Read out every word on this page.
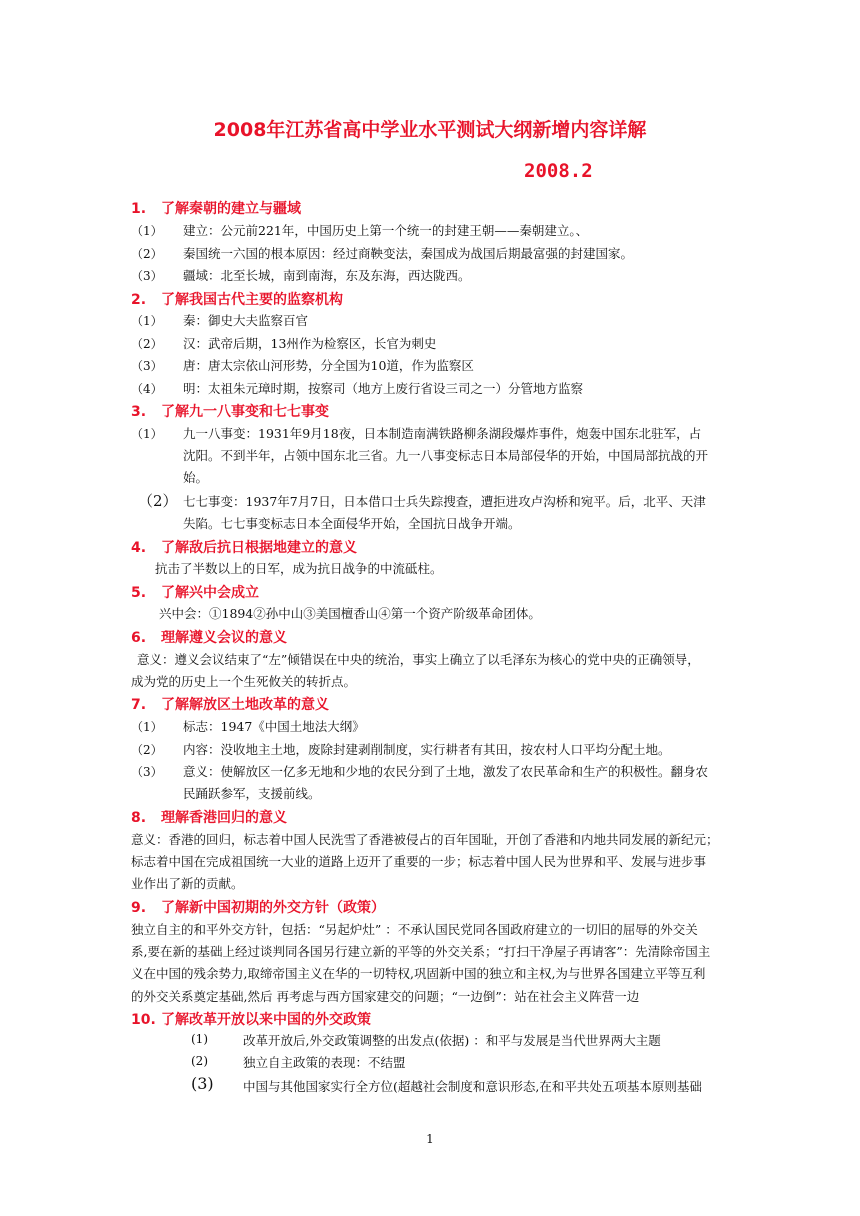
2008年江苏省高中学业水平测试大纲新增内容详解
2008.2
1. 了解秦朝的建立与疆域
（1） 建立：公元前221年，中国历史上第一个统一的封建王朝——秦朝建立。、
（2） 秦国统一六国的根本原因：经过商鞅变法，秦国成为战国后期最富强的封建国家。
（3） 疆域：北至长城，南到南海，东及东海，西达陇西。
2. 了解我国古代主要的监察机构
（1） 秦：御史大夫监察百官
（2） 汉：武帝后期，13州作为检察区，长官为刺史
（3） 唐：唐太宗依山河形势，分全国为10道，作为监察区
（4） 明：太祖朱元璋时期，按察司（地方上废行省设三司之一）分管地方监察
3. 了解九一八事变和七七事变
（1） 九一八事变：1931年9月18夜，日本制造南满铁路柳条湖段爆炸事件，炮轰中国东北驻军，占
沈阳。不到半年，占领中国东北三省。九一八事变标志日本局部侵华的开始，中国局部抗战的开
始。
（2） 七七事变：1937年7月7日，日本借口士兵失踪搜查，遭拒进攻卢沟桥和宛平。后，北平、天津
失陷。七七事变标志日本全面侵华开始，全国抗日战争开端。
4. 了解敌后抗日根据地建立的意义
抗击了半数以上的日军，成为抗日战争的中流砥柱。
5. 了解兴中会成立
兴中会：①1894②孙中山③美国檀香山④第一个资产阶级革命团体。
6. 理解遵义会议的意义
意义：遵义会议结束了“左”倾错误在中央的统治，事实上确立了以毛泽东为核心的党中央的正确领导，
成为党的历史上一个生死攸关的转折点。
7. 了解解放区土地改革的意义
（1） 标志：1947《中国土地法大纲》
（2） 内容：没收地主土地，废除封建剥削制度，实行耕者有其田，按农村人口平均分配土地。
（3） 意义：使解放区一亿多无地和少地的农民分到了土地，激发了农民革命和生产的积极性。翻身农
民踊跃参军，支援前线。
8. 理解香港回归的意义
意义：香港的回归，标志着中国人民洗雪了香港被侵占的百年国耻，开创了香港和内地共同发展的新纪元；
标志着中国在完成祖国统一大业的道路上迈开了重要的一步；标志着中国人民为世界和平、发展与进步事
业作出了新的贡献。
9. 了解新中国初期的外交方针（政策）
独立自主的和平外交方针，包括：“另起炉灶” ：不承认国民党同各国政府建立的一切旧的屈辱的外交关
系,要在新的基础上经过谈判同各国另行建立新的平等的外交关系；“打扫干净屋子再请客”：先清除帝国主
义在中国的残余势力,取缔帝国主义在华的一切特权,巩固新中国的独立和主权,为与世界各国建立平等互利
的外交关系奠定基础,然后 再考虑与西方国家建交的问题；“一边倒”：站在社会主义阵营一边
10. 了解改革开放以来中国的外交政策
(1)	改革开放后,外交政策调整的出发点(依据) ：和平与发展是当代世界两大主题
(2)	独立自主政策的表现：不结盟
(3) 中国与其他国家实行全方位(超越社会制度和意识形态,在和平共处五项基本原则基础
1
